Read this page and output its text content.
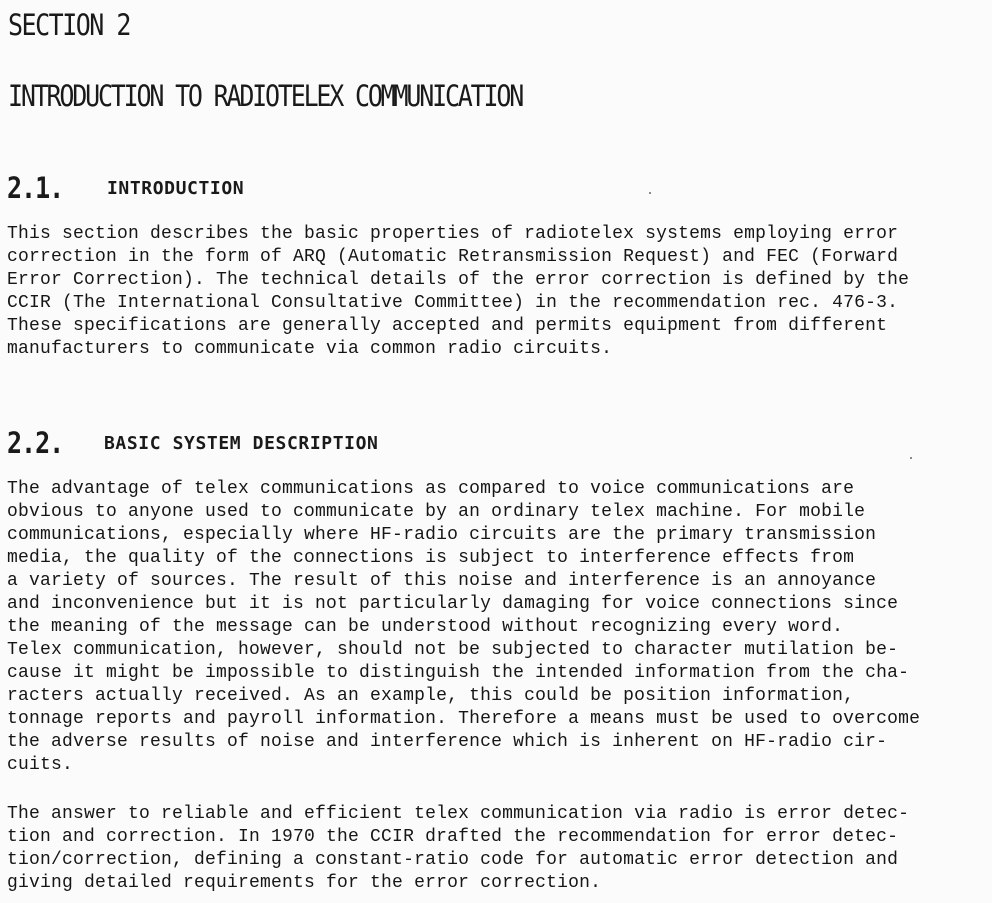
SECTION 2
INTRODUCTION TO RADIOTELEX COMMUNICATION
2.1. INTRODUCTION

This section describes the basic properties of radiotelex systems employing error
correction in the form of ARQ (Automatic Retransmission Request) and FEC (Forward
Error Correction). The technical details of the error correction is defined by the
CCIR (The International Consultative Committee) in the recommendation rec. 476-3.
These specifications are generally accepted and permits equipment from different
manufacturers to communicate via common radio circuits.

2.2. BASIC SYSTEM DESCRIPTION

The advantage of telex communications as compared to voice communications are
obvious to anyone used to communicate by an ordinary telex machine. For mobile
communications, especially where HF-radio circuits are the primary transmission
media, the quality of the connections is subject to interference effects from
a variety of sources. The result of this noise and interference is an annoyance
and inconvenience but it is not particularly damaging for voice connections since
the meaning of the message can be understood without recognizing every word.
Telex communication, however, should not be subjected to character mutilation be-
cause it might be impossible to distinguish the intended information from the cha-
racters actually received. As an example, this could be position information,
tonnage reports and payroll information. Therefore a means must be used to overcome
the adverse results of noise and interference which is inherent on HF-radio cir-
cuits.

The answer to reliable and efficient telex communication via radio is error detec-
tion and correction. In 1970 the CCIR drafted the recommendation for error detec-
tion/correction, defining a constant-ratio code for automatic error detection and
giving detailed requirements for the error correction.
